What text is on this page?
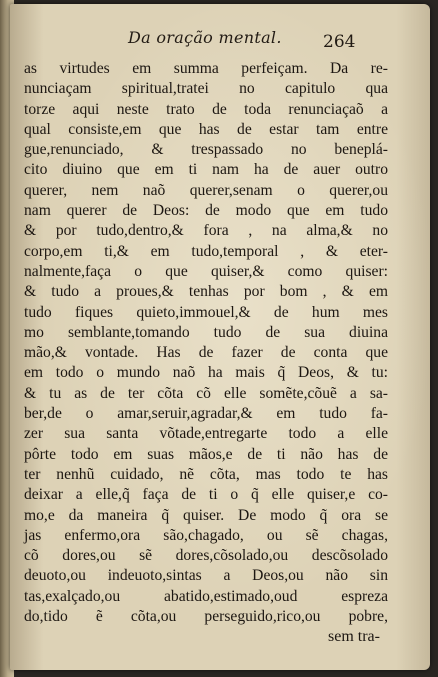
Da oração mental. 264
as virtudes em summa perfeiçam. Da re-
nunciaçam spiritual,tratei no capitulo qua
torze aqui neste trato de toda renunciaçaõ a
qual consiste,em que has de estar tam entre
gue,renunciado, & trespassado no beneplá-
cito diuino que em ti nam ha de auer outro
querer, nem naõ querer,senam o querer,ou
nam querer de Deos: de modo que em tudo
& por tudo,dentro,& fora , na alma,& no
corpo,em ti,& em tudo,temporal , & eter-
nalmente,faça o que quiser,& como quiser:
& tudo a proues,& tenhas por bom , & em
tudo fiques quieto,immouel,& de hum mes
mo semblante,tomando tudo de sua diuina
mão,& vontade. Has de fazer de conta que
em todo o mundo naõ ha mais q̃ Deos, & tu:
& tu as de ter cõta cõ elle somẽte,cõuẽ a sa-
ber,de o amar,seruir,agradar,& em tudo fa-
zer sua santa võtade,entregarte todo a elle
pôrte todo em suas mãos,e de ti não has de
ter nenhũ cuidado, nẽ cõta, mas todo te has
deixar a elle,q̃ faça de ti o q̃ elle quiser,e co-
mo,e da maneira q̃ quiser. De modo q̃ ora se
jas enfermo,ora são,chagado, ou sẽ chagas,
cõ dores,ou sẽ dores,cõsolado,ou descõsolado
deuoto,ou indeuoto,sintas a Deos,ou não sin
tas,exalçado,ou abatido,estimado,oud espreza
do,tido ẽ cõta,ou perseguido,rico,ou pobre,
sem tra-
